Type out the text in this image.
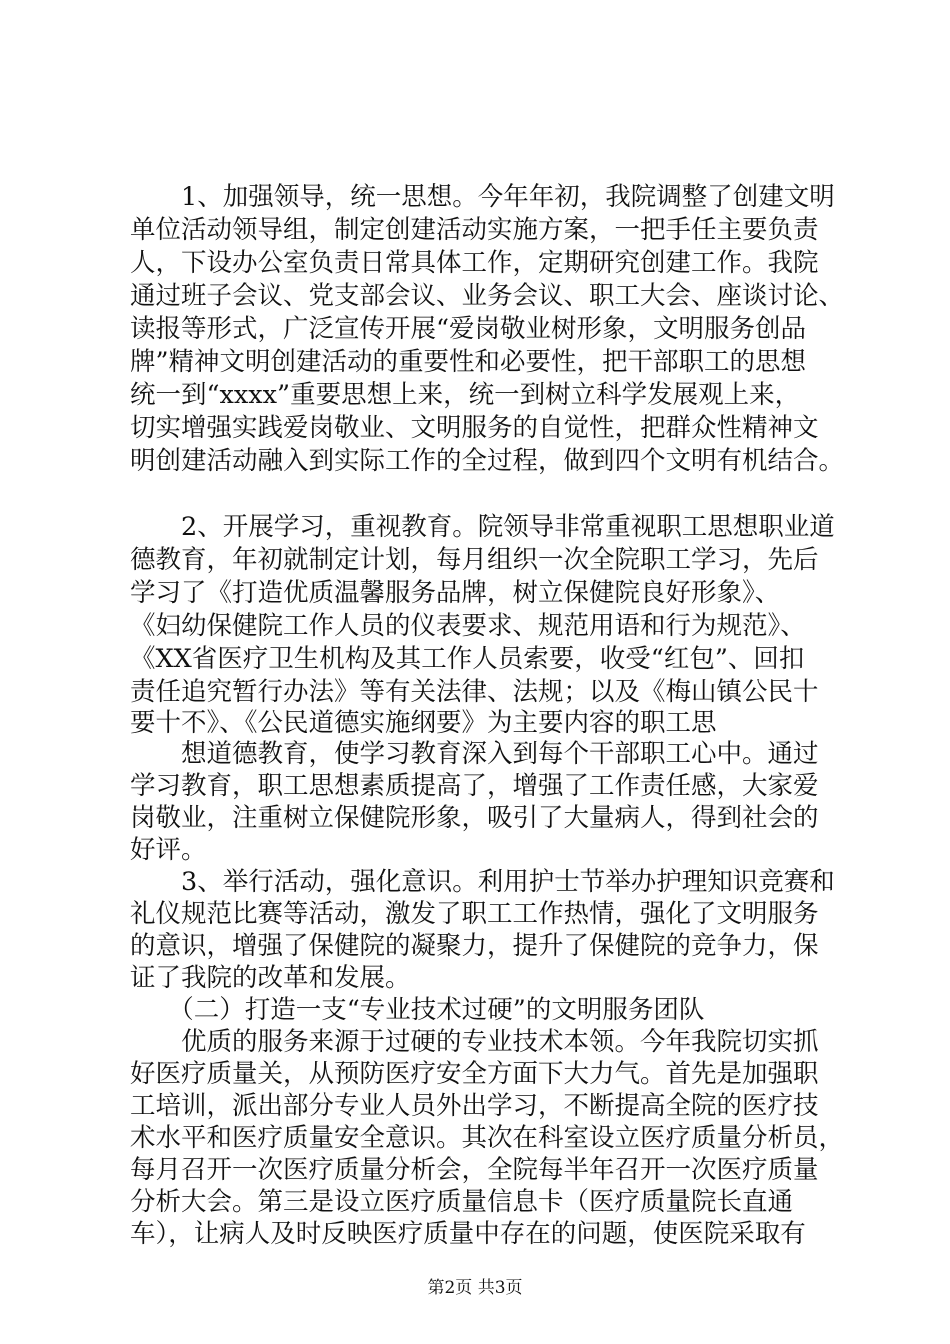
　　1、加强领导，统一思想。今年年初，我院调整了创建文明
单位活动领导组，制定创建活动实施方案，一把手任主要负责
人，下设办公室负责日常具体工作，定期研究创建工作。我院
通过班子会议、党支部会议、业务会议、职工大会、座谈讨论、
读报等形式，广泛宣传开展“爱岗敬业树形象，文明服务创品
牌”精神文明创建活动的重要性和必要性，把干部职工的思想
统一到“xxxx”重要思想上来，统一到树立科学发展观上来，
切实增强实践爱岗敬业、文明服务的自觉性，把群众性精神文
明创建活动融入到实际工作的全过程，做到四个文明有机结合。
　　2、开展学习，重视教育。院领导非常重视职工思想职业道
德教育，年初就制定计划，每月组织一次全院职工学习，先后
学习了《打造优质温馨服务品牌，树立保健院良好形象》、
《妇幼保健院工作人员的仪表要求、规范用语和行为规范》、
《XX省医疗卫生机构及其工作人员索要，收受“红包”、回扣
责任追究暂行办法》等有关法律、法规；以及《梅山镇公民十
要十不》、《公民道德实施纲要》为主要内容的职工思
　　想道德教育，使学习教育深入到每个干部职工心中。通过
学习教育，职工思想素质提高了，增强了工作责任感，大家爱
岗敬业，注重树立保健院形象，吸引了大量病人，得到社会的
好评。
　　3、举行活动，强化意识。利用护士节举办护理知识竞赛和
礼仪规范比赛等活动，激发了职工工作热情，强化了文明服务
的意识，增强了保健院的凝聚力，提升了保健院的竞争力，保
证了我院的改革和发展。
　　（二）打造一支“专业技术过硬”的文明服务团队
　　优质的服务来源于过硬的专业技术本领。今年我院切实抓
好医疗质量关，从预防医疗安全方面下大力气。首先是加强职
工培训，派出部分专业人员外出学习，不断提高全院的医疗技
术水平和医疗质量安全意识。其次在科室设立医疗质量分析员，
每月召开一次医疗质量分析会，全院每半年召开一次医疗质量
分析大会。第三是设立医疗质量信息卡（医疗质量院长直通
车），让病人及时反映医疗质量中存在的问题，使医院采取有
第2页 共3页
